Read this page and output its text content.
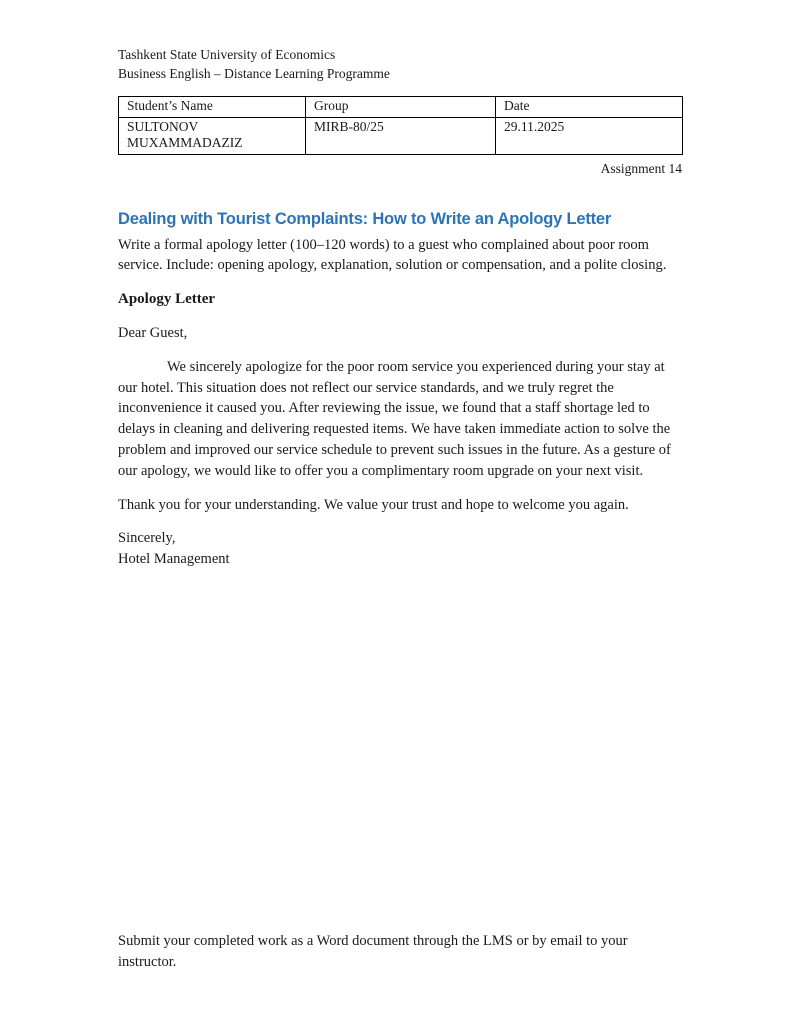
Tashkent State University of Economics

Business English – Distance Learning Programme

Student’s Name	Group	Date
SULTONOV MUXAMMADAZIZ	MIRB-80/25	29.11.2025

Assignment 14

Dealing with Tourist Complaints: How to Write an Apology Letter

Write a formal apology letter (100–120 words) to a guest who complained about poor room service. Include: opening apology, explanation, solution or compensation, and a polite closing.

Apology Letter

Dear Guest,

We sincerely apologize for the poor room service you experienced during your stay at our hotel. This situation does not reflect our service standards, and we truly regret the inconvenience it caused you. After reviewing the issue, we found that a staff shortage led to delays in cleaning and delivering requested items. We have taken immediate action to solve the problem and improved our service schedule to prevent such issues in the future. As a gesture of our apology, we would like to offer you a complimentary room upgrade on your next visit.

Thank you for your understanding. We value your trust and hope to welcome you again.

Sincerely,
Hotel Management

Submit your completed work as a Word document through the LMS or by email to your instructor.
